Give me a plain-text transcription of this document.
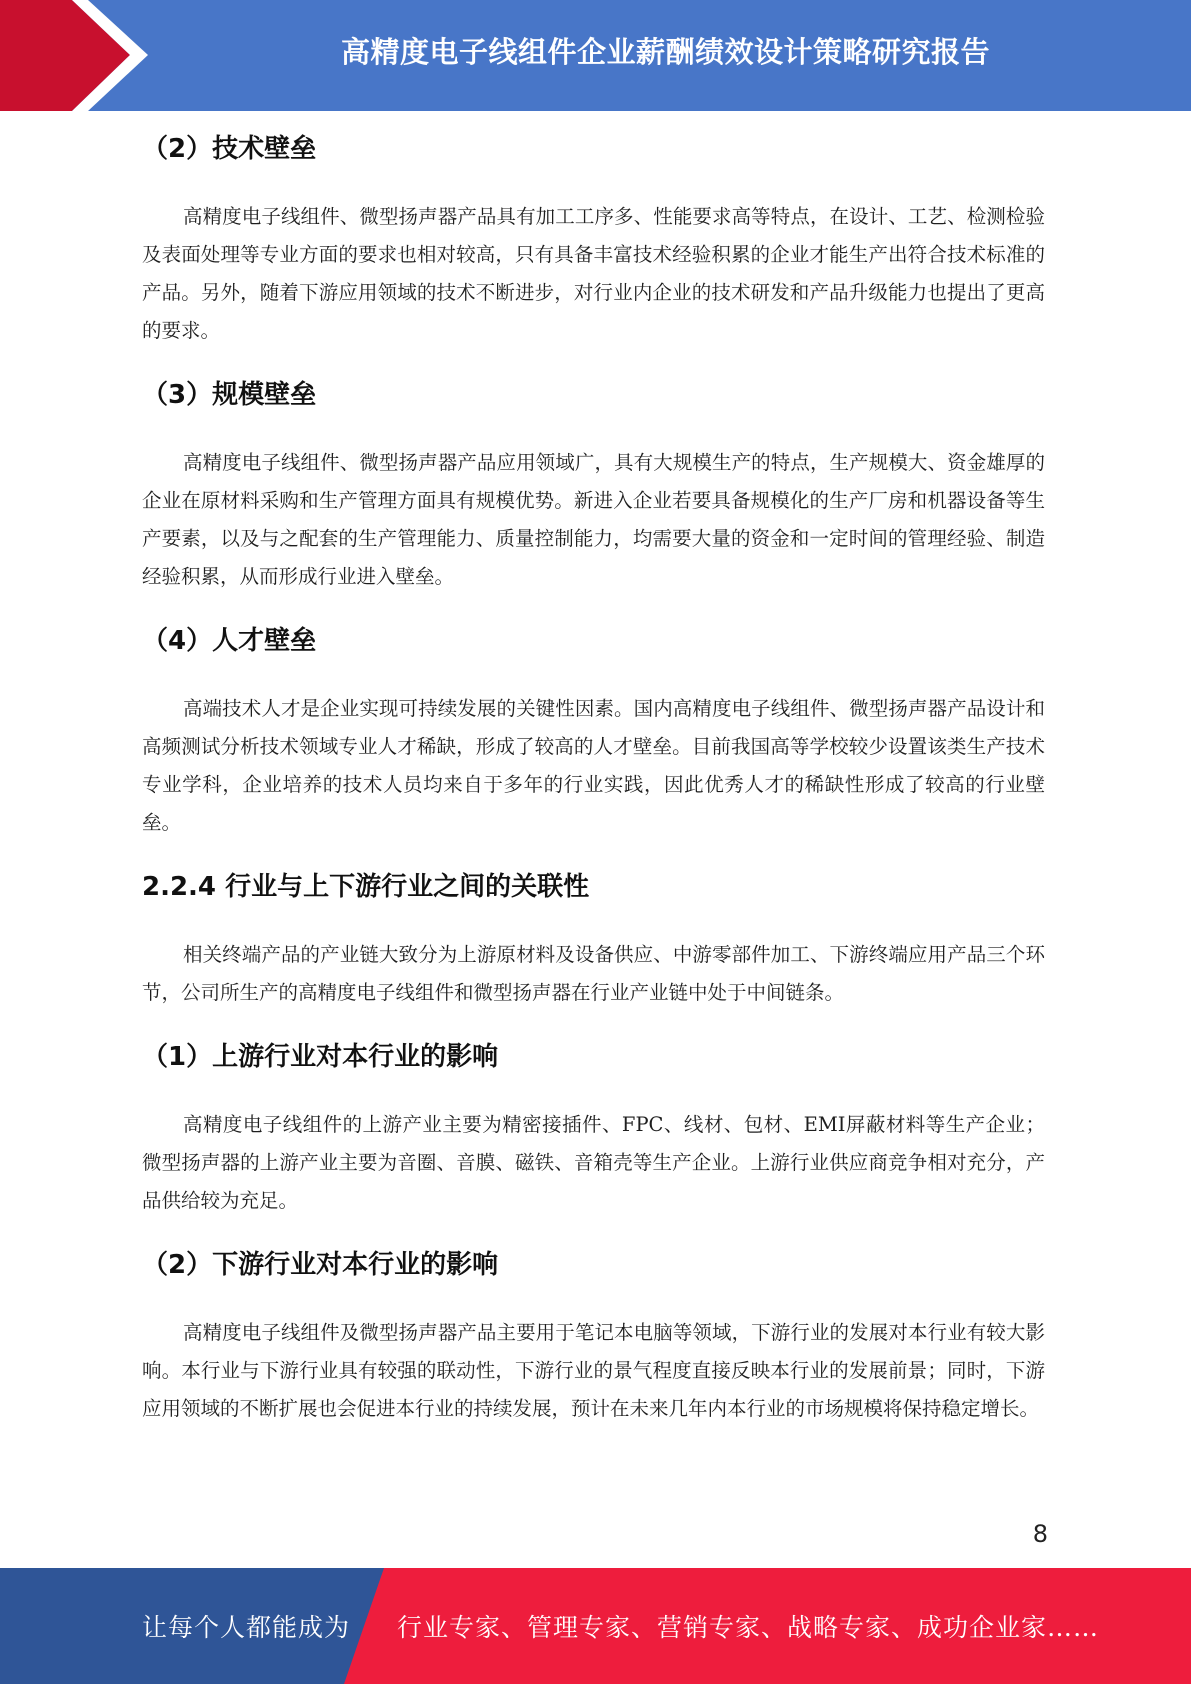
高精度电子线组件企业薪酬绩效设计策略研究报告
（2）技术壁垒

高精度电子线组件、微型扬声器产品具有加工工序多、性能要求高等特点，在设计、工艺、检测检验及表面处理等专业方面的要求也相对较高，只有具备丰富技术经验积累的企业才能生产出符合技术标准的产品。另外，随着下游应用领域的技术不断进步，对行业内企业的技术研发和产品升级能力也提出了更高的要求。

（3）规模壁垒

高精度电子线组件、微型扬声器产品应用领域广，具有大规模生产的特点，生产规模大、资金雄厚的企业在原材料采购和生产管理方面具有规模优势。新进入企业若要具备规模化的生产厂房和机器设备等生产要素，以及与之配套的生产管理能力、质量控制能力，均需要大量的资金和一定时间的管理经验、制造经验积累，从而形成行业进入壁垒。

（4）人才壁垒

高端技术人才是企业实现可持续发展的关键性因素。国内高精度电子线组件、微型扬声器产品设计和高频测试分析技术领域专业人才稀缺，形成了较高的人才壁垒。目前我国高等学校较少设置该类生产技术专业学科，企业培养的技术人员均来自于多年的行业实践，因此优秀人才的稀缺性形成了较高的行业壁垒。

2.2.4 行业与上下游行业之间的关联性

相关终端产品的产业链大致分为上游原材料及设备供应、中游零部件加工、下游终端应用产品三个环节，公司所生产的高精度电子线组件和微型扬声器在行业产业链中处于中间链条。

（1）上游行业对本行业的影响

高精度电子线组件的上游产业主要为精密接插件、FPC、线材、包材、EMI屏蔽材料等生产企业；微型扬声器的上游产业主要为音圈、音膜、磁铁、音箱壳等生产企业。上游行业供应商竞争相对充分，产品供给较为充足。

（2）下游行业对本行业的影响

高精度电子线组件及微型扬声器产品主要用于笔记本电脑等领域，下游行业的发展对本行业有较大影响。本行业与下游行业具有较强的联动性，下游行业的景气程度直接反映本行业的发展前景；同时，下游应用领域的不断扩展也会促进本行业的持续发展，预计在未来几年内本行业的市场规模将保持稳定增长。

8
让每个人都能成为 行业专家、管理专家、营销专家、战略专家、成功企业家……
